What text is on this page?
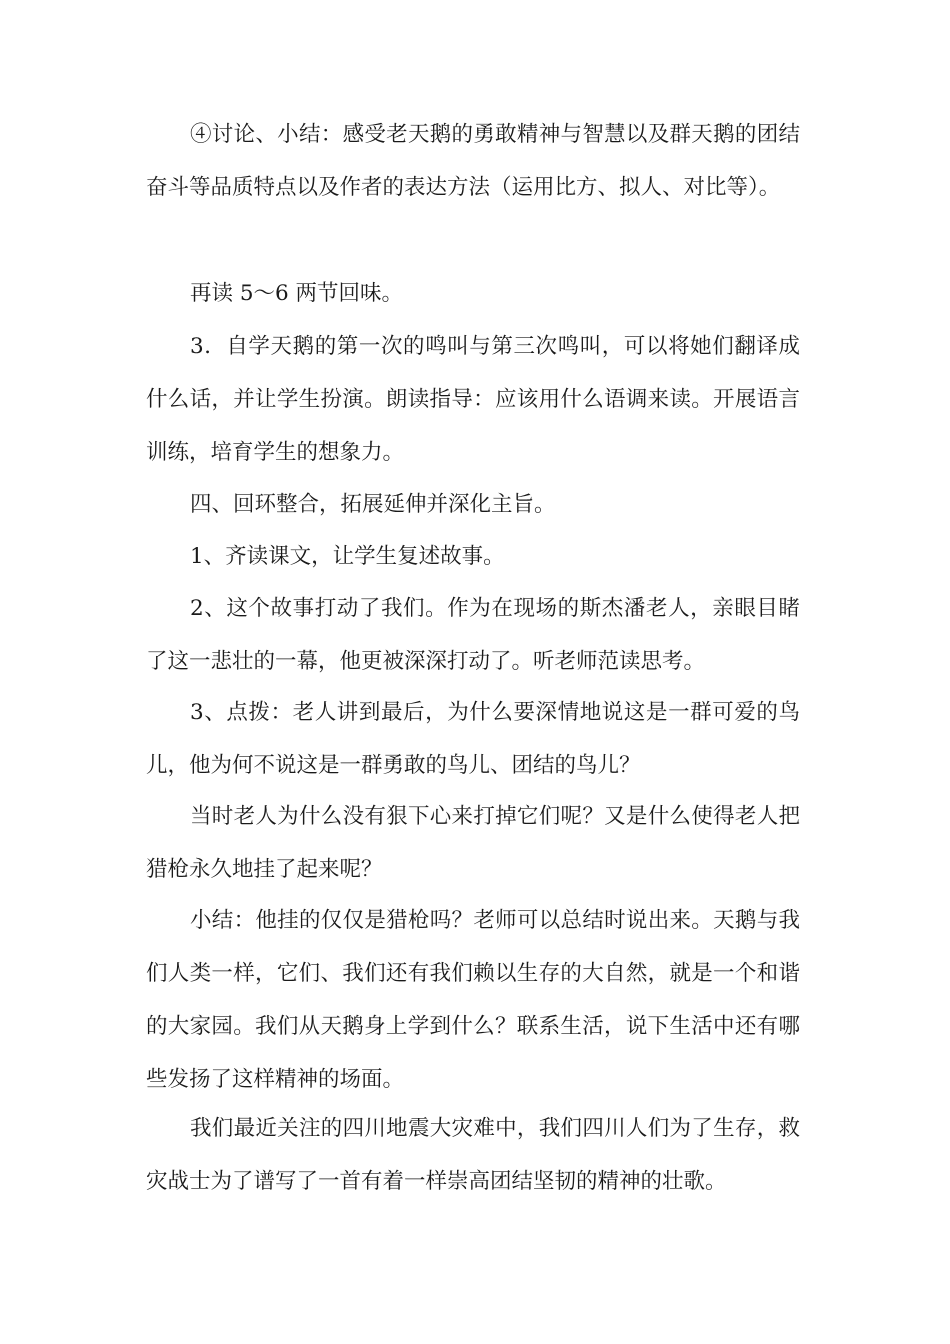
④讨论、小结：感受老天鹅的勇敢精神与智慧以及群天鹅的团结奋斗等品质特点以及作者的表达方法（运用比方、拟人、对比等）。

再读 5～6 两节回味。

3．自学天鹅的第一次的鸣叫与第三次鸣叫，可以将她们翻译成什么话，并让学生扮演。朗读指导：应该用什么语调来读。开展语言训练，培育学生的想象力。

四、回环整合，拓展延伸并深化主旨。

1、齐读课文，让学生复述故事。

2、这个故事打动了我们。作为在现场的斯杰潘老人，亲眼目睹了这一悲壮的一幕，他更被深深打动了。听老师范读思考。

3、点拨：老人讲到最后，为什么要深情地说这是一群可爱的鸟儿，他为何不说这是一群勇敢的鸟儿、团结的鸟儿？

当时老人为什么没有狠下心来打掉它们呢？又是什么使得老人把猎枪永久地挂了起来呢？

小结：他挂的仅仅是猎枪吗？老师可以总结时说出来。天鹅与我们人类一样，它们、我们还有我们赖以生存的大自然，就是一个和谐的大家园。我们从天鹅身上学到什么？联系生活，说下生活中还有哪些发扬了这样精神的场面。

我们最近关注的四川地震大灾难中，我们四川人们为了生存，救灾战士为了谱写了一首有着一样崇高团结坚韧的精神的壮歌。
